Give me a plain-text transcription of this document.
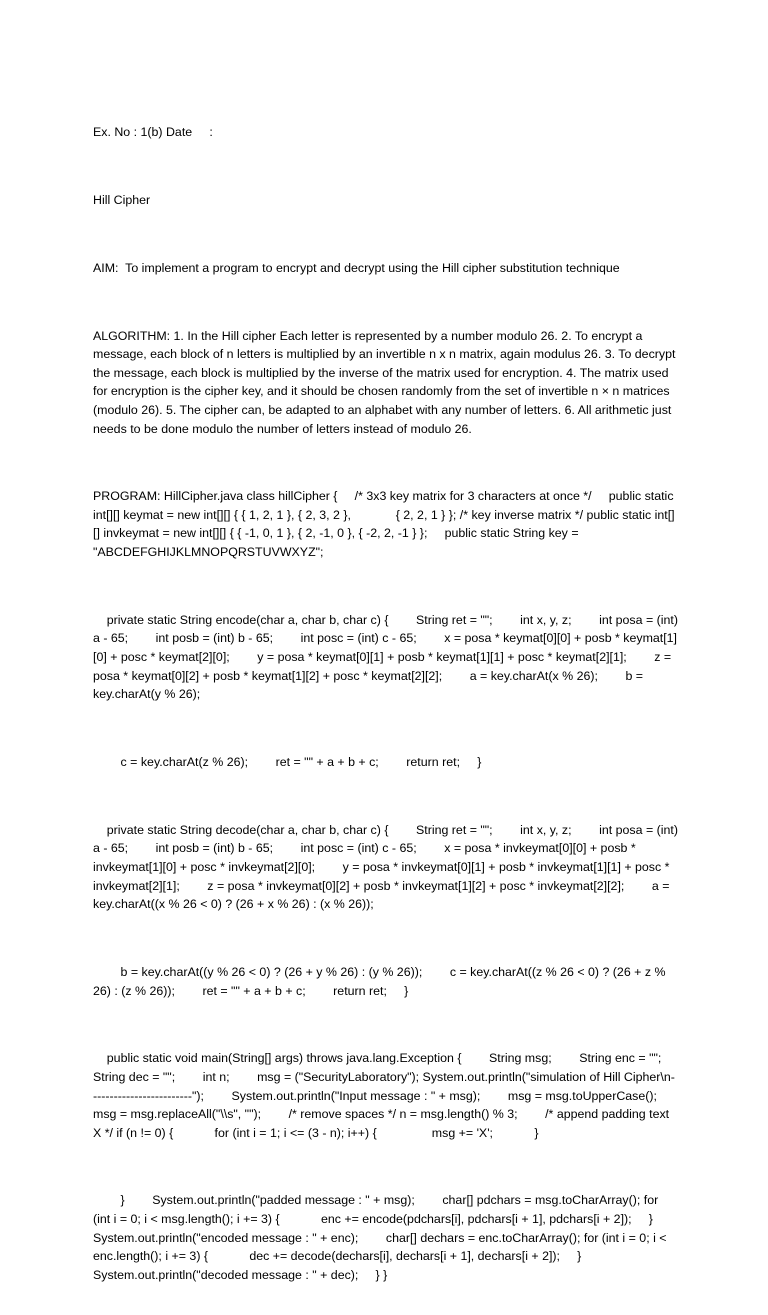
Ex. No : 1(b) Date     :

Hill Cipher

AIM:  To implement a program to encrypt and decrypt using the Hill cipher substitution technique

ALGORITHM: 1. In the Hill cipher Each letter is represented by a number modulo 26. 2. To encrypt a message, each block of n letters is multiplied by an invertible n x n matrix, again modulus 26. 3. To decrypt the message, each block is multiplied by the inverse of the matrix used for encryption. 4. The matrix used for encryption is the cipher key, and it should be chosen randomly from the set of invertible n × n matrices (modulo 26). 5. The cipher can, be adapted to an alphabet with any number of letters. 6. All arithmetic just needs to be done modulo the number of letters instead of modulo 26.

PROGRAM: HillCipher.java class hillCipher {     /* 3x3 key matrix for 3 characters at once */     public static int[][] keymat = new int[][] { { 1, 2, 1 }, { 2, 3, 2 },             { 2, 2, 1 } }; /* key inverse matrix */ public static int[][] invkeymat = new int[][] { { -1, 0, 1 }, { 2, -1, 0 }, { -2, 2, -1 } };     public static String key = "ABCDEFGHIJKLMNOPQRSTUVWXYZ";

private static String encode(char a, char b, char c) {        String ret = "";        int x, y, z;        int posa = (int) a - 65;        int posb = (int) b - 65;        int posc = (int) c - 65;        x = posa * keymat[0][0] + posb * keymat[1][0] + posc * keymat[2][0];        y = posa * keymat[0][1] + posb * keymat[1][1] + posc * keymat[2][1];        z = posa * keymat[0][2] + posb * keymat[1][2] + posc * keymat[2][2];        a = key.charAt(x % 26);        b = key.charAt(y % 26);

c = key.charAt(z % 26);        ret = "" + a + b + c;        return ret;     }

private static String decode(char a, char b, char c) {        String ret = "";        int x, y, z;        int posa = (int) a - 65;        int posb = (int) b - 65;        int posc = (int) c - 65;        x = posa * invkeymat[0][0] + posb * invkeymat[1][0] + posc * invkeymat[2][0];        y = posa * invkeymat[0][1] + posb * invkeymat[1][1] + posc * invkeymat[2][1];        z = posa * invkeymat[0][2] + posb * invkeymat[1][2] + posc * invkeymat[2][2];        a = key.charAt((x % 26 < 0) ? (26 + x % 26) : (x % 26));

b = key.charAt((y % 26 < 0) ? (26 + y % 26) : (y % 26));        c = key.charAt((z % 26 < 0) ? (26 + z % 26) : (z % 26));        ret = "" + a + b + c;        return ret;     }

public static void main(String[] args) throws java.lang.Exception {        String msg;        String enc = "";        String dec = "";        int n;        msg = ("SecurityLaboratory"); System.out.println("simulation of Hill Cipher\n-------------------------");        System.out.println("Input message : " + msg);        msg = msg.toUpperCase();        msg = msg.replaceAll("\\s", "");        /* remove spaces */ n = msg.length() % 3;        /* append padding text X */ if (n != 0) {            for (int i = 1; i <= (3 - n); i++) {                msg += 'X';            }

}        System.out.println("padded message : " + msg);        char[] pdchars = msg.toCharArray(); for (int i = 0; i < msg.length(); i += 3) {            enc += encode(pdchars[i], pdchars[i + 1], pdchars[i + 2]);     }        System.out.println("encoded message : " + enc);        char[] dechars = enc.toCharArray(); for (int i = 0; i < enc.length(); i += 3) {            dec += decode(dechars[i], dechars[i + 1], dechars[i + 2]);     }        System.out.println("decoded message : " + dec);     } }
